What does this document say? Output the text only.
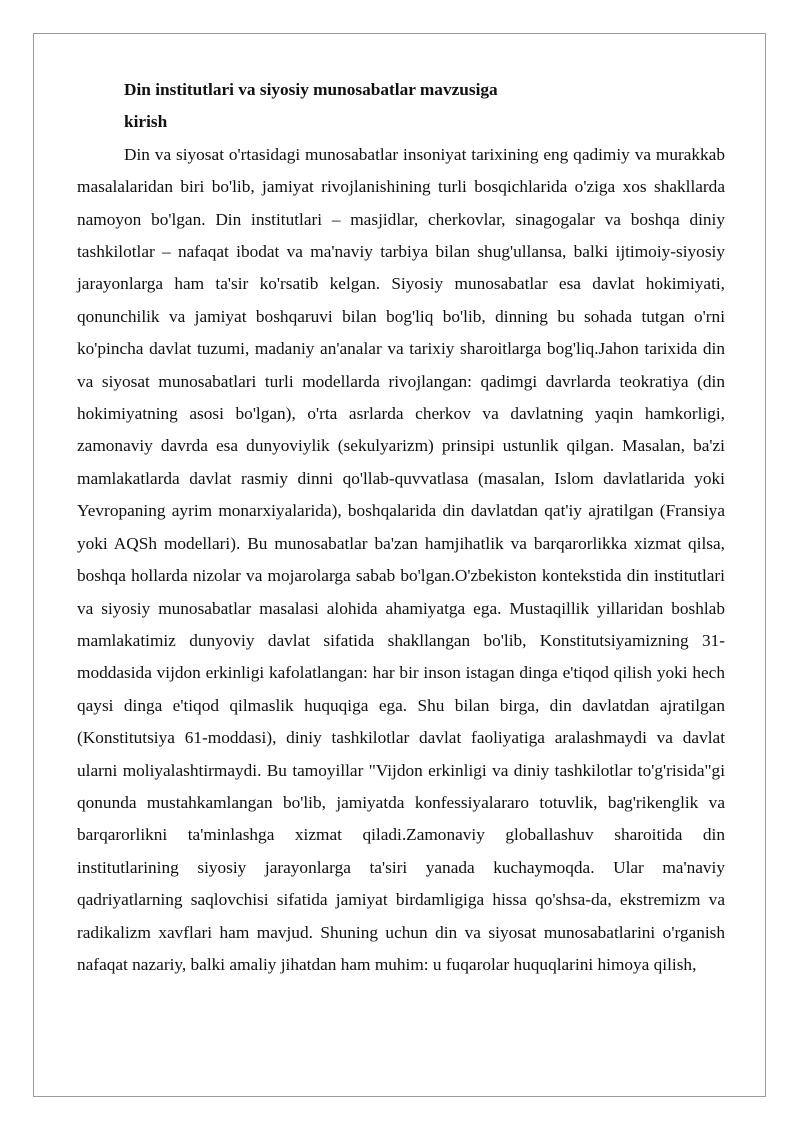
Din institutlari va siyosiy munosabatlar mavzusiga

kirish

Din va siyosat o'rtasidagi munosabatlar insoniyat tarixining eng qadimiy va murakkab masalalaridan biri bo'lib, jamiyat rivojlanishining turli bosqichlarida o'ziga xos shakllarda namoyon bo'lgan. Din institutlari – masjidlar, cherkovlar, sinagogalar va boshqa diniy tashkilotlar – nafaqat ibodat va ma'naviy tarbiya bilan shug'ullansa, balki ijtimoiy-siyosiy jarayonlarga ham ta'sir ko'rsatib kelgan. Siyosiy munosabatlar esa davlat hokimiyati, qonunchilik va jamiyat boshqaruvi bilan bog'liq bo'lib, dinning bu sohada tutgan o'rni ko'pincha davlat tuzumi, madaniy an'analar va tarixiy sharoitlarga bog'liq.Jahon tarixida din va siyosat munosabatlari turli modellarda rivojlangan: qadimgi davrlarda teokratiya (din hokimiyatning asosi bo'lgan), o'rta asrlarda cherkov va davlatning yaqin hamkorligi, zamonaviy davrda esa dunyoviylik (sekulyarizm) prinsipi ustunlik qilgan. Masalan, ba'zi mamlakatlarda davlat rasmiy dinni qo'llab-quvvatlasa (masalan, Islom davlatlarida yoki Yevropaning ayrim monarxiyalarida), boshqalarida din davlatdan qat'iy ajratilgan (Fransiya yoki AQSh modellari). Bu munosabatlar ba'zan hamjihatlik va barqarorlikka xizmat qilsa, boshqa hollarda nizolar va mojarolarga sabab bo'lgan.O'zbekiston kontekstida din institutlari va siyosiy munosabatlar masalasi alohida ahamiyatga ega. Mustaqillik yillaridan boshlab mamlakatimiz dunyoviy davlat sifatida shakllangan bo'lib, Konstitutsiyamizning 31-moddasida vijdon erkinligi kafolatlangan: har bir inson istagan dinga e'tiqod qilish yoki hech qaysi dinga e'tiqod qilmaslik huquqiga ega. Shu bilan birga, din davlatdan ajratilgan (Konstitutsiya 61-moddasi), diniy tashkilotlar davlat faoliyatiga aralashmaydi va davlat ularni moliyalashtirmaydi. Bu tamoyillar "Vijdon erkinligi va diniy tashkilotlar to'g'risida"gi qonunda mustahkamlangan bo'lib, jamiyatda konfessiyalararo totuvlik, bag'rikenglik va barqarorlikni ta'minlashga xizmat qiladi.Zamonaviy globallashuv sharoitida din institutlarining siyosiy jarayonlarga ta'siri yanada kuchaymoqda. Ular ma'naviy qadriyatlarning saqlovchisi sifatida jamiyat birdamligiga hissa qo'shsa-da, ekstremizm va radikalizm xavflari ham mavjud. Shuning uchun din va siyosat munosabatlarini o'rganish nafaqat nazariy, balki amaliy jihatdan ham muhim: u fuqarolar huquqlarini himoya qilish,
